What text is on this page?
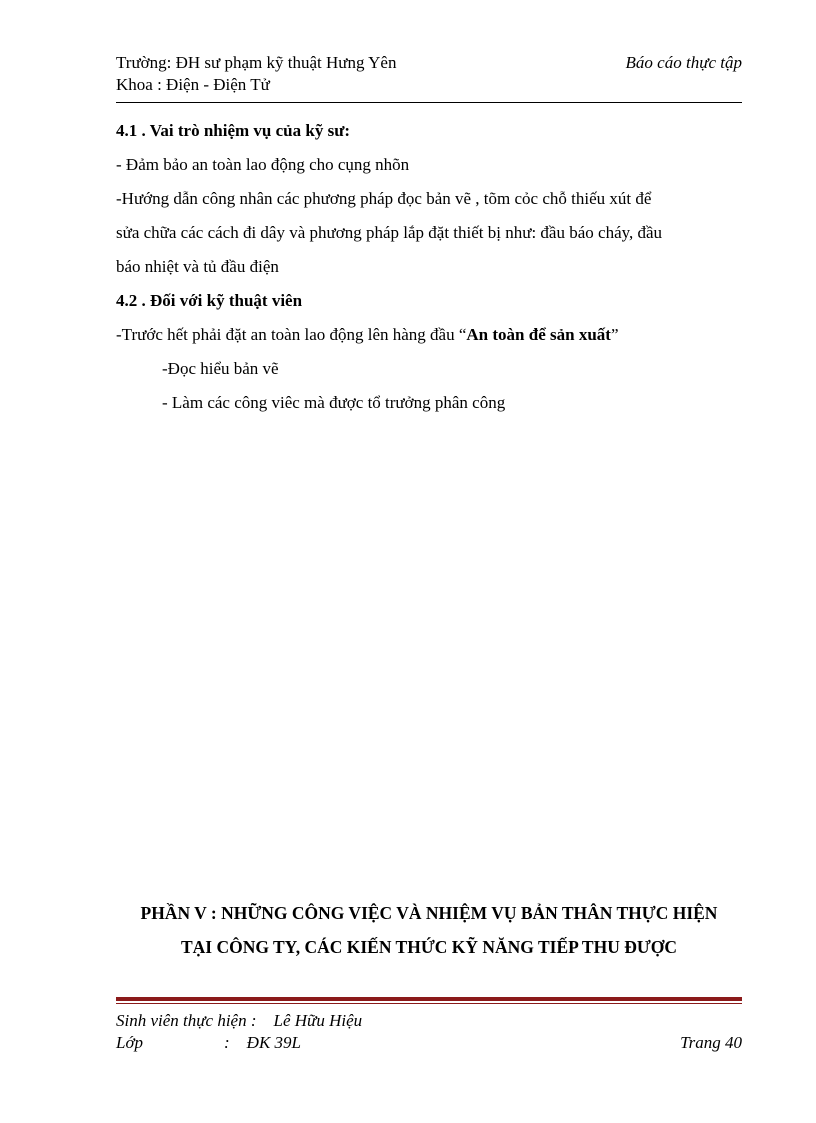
Trường: ĐH sư phạm kỹ thuật Hưng Yên	Báo cáo thực tập
Khoa : Điện - Điện Tử

4.1 . Vai trò nhiệm vụ của kỹ sư:

- Đảm bảo an toàn lao động cho cụng nhõn

-Hướng dẫn công nhân các phương pháp đọc bản vẽ , tõm cỏc chỗ thiếu xút để

sửa chữa các cách đi dây và phương pháp lắp đặt thiết bị như: đầu báo cháy, đầu

báo nhiệt và tủ đầu điện

4.2 . Đối với kỹ thuật viên

-Trước hết phải đặt an toàn lao động lên hàng đầu “An toàn để sản xuất”

-Đọc hiểu bản vẽ

- Làm các công viêc mà được tổ trưởng phân công

PHẦN V : NHỮNG CÔNG VIỆC VÀ NHIỆM VỤ BẢN THÂN THỰC HIỆN
TẠI CÔNG TY, CÁC KIẾN THỨC KỸ NĂNG TIẾP THU ĐƯỢC
Sinh viên thực hiện : Lê Hữu Hiệu
Lớp	: ĐK 39L	Trang 40
